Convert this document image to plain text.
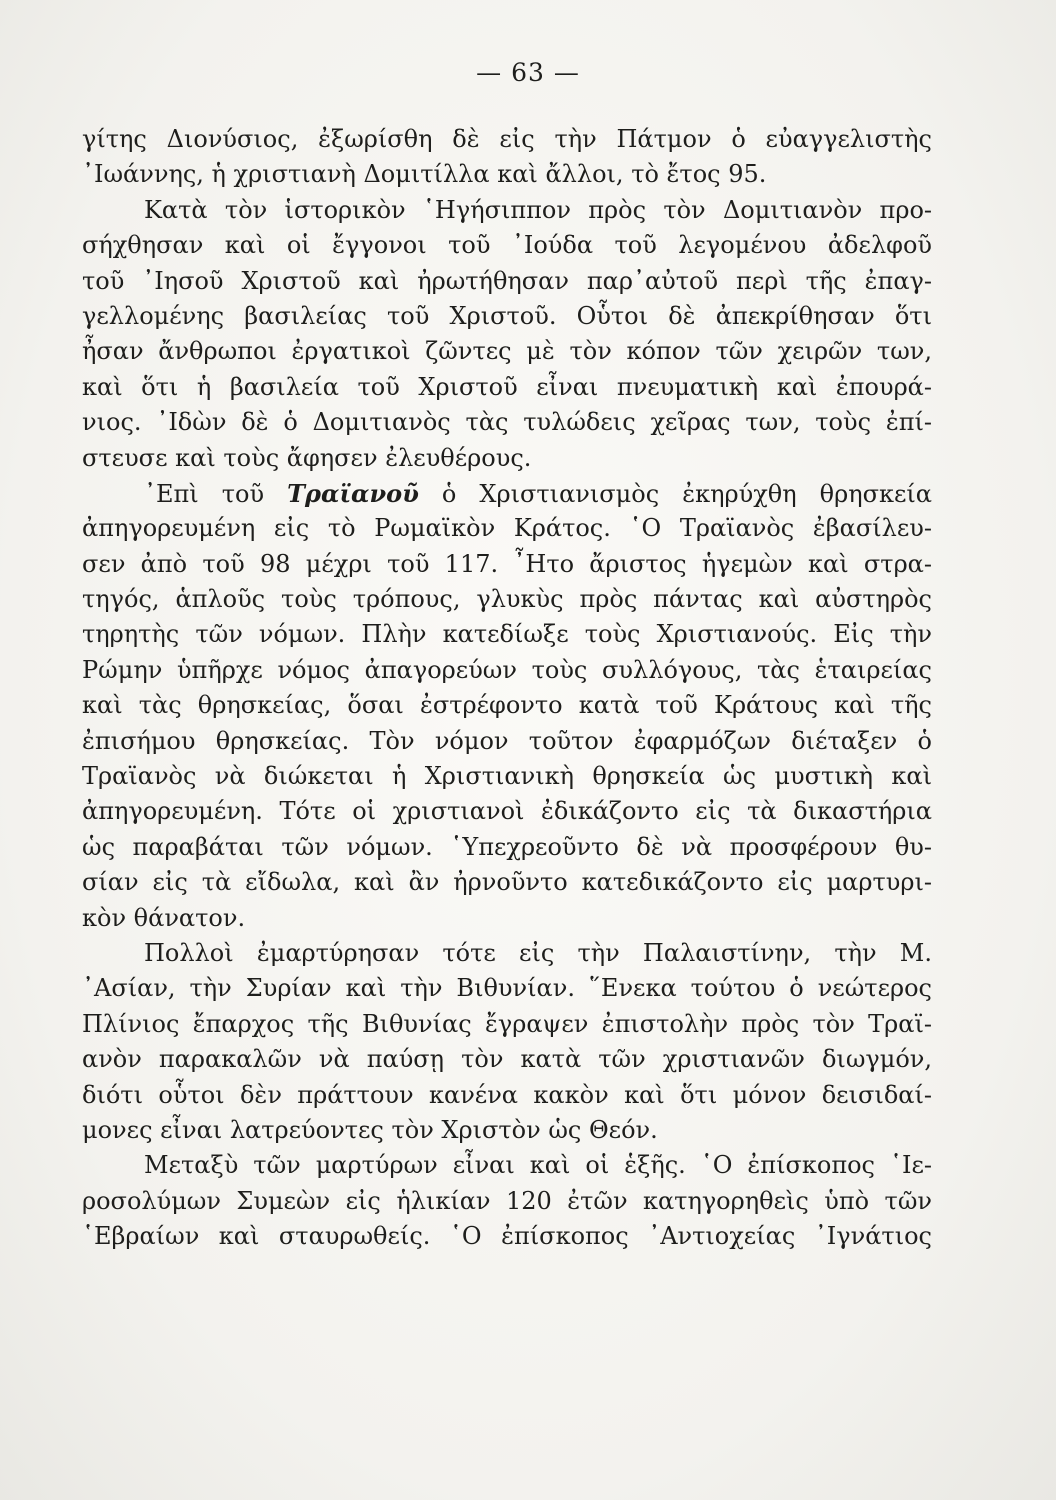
— 63 —
γίτης Διονύσιος, ἐξωρίσθη δὲ εἰς τὴν Πάτμον ὁ εὐαγγελιστὴς
᾿Ιωάννης, ἡ χριστιανὴ Δομιτίλλα καὶ ἄλλοι, τὸ ἔτος 95.
Κατὰ τὸν ἱστορικὸν ῾Ηγήσιππον πρὸς τὸν Δομιτιανὸν προ-
σήχθησαν καὶ οἱ ἔγγονοι τοῦ ᾿Ιούδα τοῦ λεγομένου ἀδελφοῦ
τοῦ ᾿Ιησοῦ Χριστοῦ καὶ ἠρωτήθησαν παρ᾿αὐτοῦ περὶ τῆς ἐπαγ-
γελλομένης βασιλείας τοῦ Χριστοῦ. Οὗτοι δὲ ἀπεκρίθησαν ὅτι
ἦσαν ἄνθρωποι ἐργατικοὶ ζῶντες μὲ τὸν κόπον τῶν χειρῶν των,
καὶ ὅτι ἡ βασιλεία τοῦ Χριστοῦ εἶναι πνευματικὴ καὶ ἐπουρά-
νιος. ᾿Ιδὼν δὲ ὁ Δομιτιανὸς τὰς τυλώδεις χεῖρας των, τοὺς ἐπί-
στευσε καὶ τοὺς ἄφησεν ἐλευθέρους.
᾿Επὶ τοῦ Τραϊανοῦ ὁ Χριστιανισμὸς ἐκηρύχθη θρησκεία
ἀπηγορευμένη εἰς τὸ Ρωμαϊκὸν Κράτος. ῾Ο Τραϊανὸς ἐβασίλευ-
σεν ἀπὸ τοῦ 98 μέχρι τοῦ 117. ῏Ητο ἄριστος ἡγεμὼν καὶ στρα-
τηγός, ἁπλοῦς τοὺς τρόπους, γλυκὺς πρὸς πάντας καὶ αὐστηρὸς
τηρητὴς τῶν νόμων. Πλὴν κατεδίωξε τοὺς Χριστιανούς. Εἰς τὴν
Ρώμην ὑπῆρχε νόμος ἀπαγορεύων τοὺς συλλόγους, τὰς ἑταιρείας
καὶ τὰς θρησκείας, ὅσαι ἐστρέφοντο κατὰ τοῦ Κράτους καὶ τῆς
ἐπισήμου θρησκείας. Τὸν νόμον τοῦτον ἐφαρμόζων διέταξεν ὁ
Τραϊανὸς νὰ διώκεται ἡ Χριστιανικὴ θρησκεία ὡς μυστικὴ καὶ
ἀπηγορευμένη. Τότε οἱ χριστιανοὶ ἐδικάζοντο εἰς τὰ δικαστήρια
ὡς παραβάται τῶν νόμων. ῾Υπεχρεοῦντο δὲ νὰ προσφέρουν θυ-
σίαν εἰς τὰ εἴδωλα, καὶ ἂν ἠρνοῦντο κατεδικάζοντο εἰς μαρτυρι-
κὸν θάνατον.
Πολλοὶ ἐμαρτύρησαν τότε εἰς τὴν Παλαιστίνην, τὴν Μ.
᾿Ασίαν, τὴν Συρίαν καὶ τὴν Βιθυνίαν. ῞Ενεκα τούτου ὁ νεώτερος
Πλίνιος ἔπαρχος τῆς Βιθυνίας ἔγραψεν ἐπιστολὴν πρὸς τὸν Τραϊ-
ανὸν παρακαλῶν νὰ παύσῃ τὸν κατὰ τῶν χριστιανῶν διωγμόν,
διότι οὗτοι δὲν πράττουν κανένα κακὸν καὶ ὅτι μόνον δεισιδαί-
μονες εἶναι λατρεύοντες τὸν Χριστὸν ὡς Θεόν.
Μεταξὺ τῶν μαρτύρων εἶναι καὶ οἱ ἑξῆς. ῾Ο ἐπίσκοπος ῾Ιε-
ροσολύμων Συμεὼν εἰς ἡλικίαν 120 ἐτῶν κατηγορηθεὶς ὑπὸ τῶν
῾Εβραίων καὶ σταυρωθείς. ῾Ο ἐπίσκοπος ᾿Αντιοχείας ᾿Ιγνάτιος
